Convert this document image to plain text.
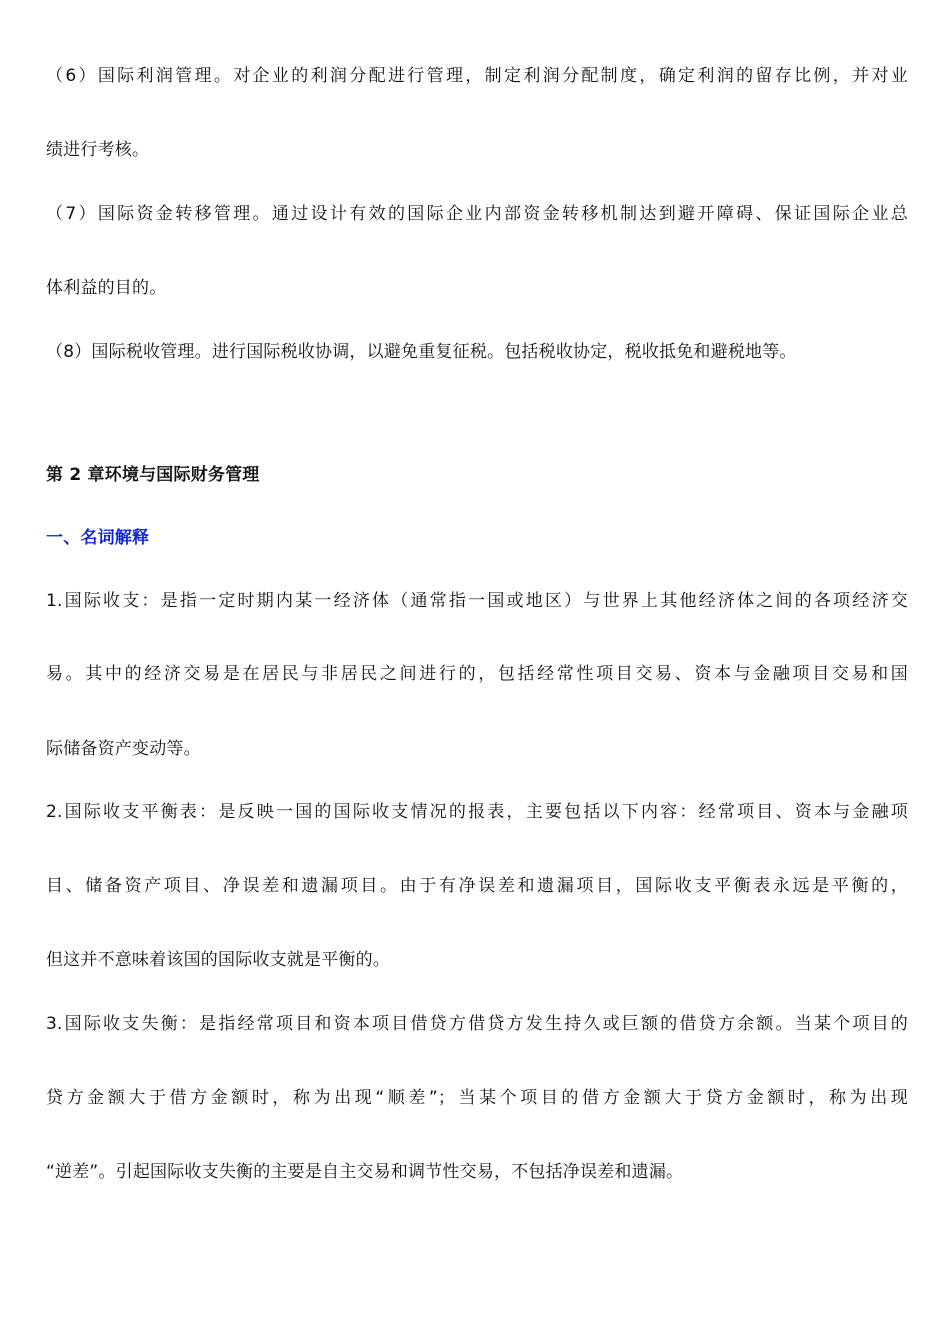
（6）国际利润管理。对企业的利润分配进行管理，制定利润分配制度，确定利润的留存比例，并对业
绩进行考核。
（7）国际资金转移管理。通过设计有效的国际企业内部资金转移机制达到避开障碍、保证国际企业总
体利益的目的。
（8）国际税收管理。进行国际税收协调，以避免重复征税。包括税收协定，税收抵免和避税地等。
第 2 章环境与国际财务管理
一、名词解释
1.国际收支：是指一定时期内某一经济体（通常指一国或地区）与世界上其他经济体之间的各项经济交
易。其中的经济交易是在居民与非居民之间进行的，包括经常性项目交易、资本与金融项目交易和国
际储备资产变动等。
2.国际收支平衡表：是反映一国的国际收支情况的报表，主要包括以下内容：经常项目、资本与金融项
目、储备资产项目、净误差和遗漏项目。由于有净误差和遗漏项目，国际收支平衡表永远是平衡的，
但这并不意味着该国的国际收支就是平衡的。
3.国际收支失衡：是指经常项目和资本项目借贷方借贷方发生持久或巨额的借贷方余额。当某个项目的
贷方金额大于借方金额时，称为出现“顺差”；当某个项目的借方金额大于贷方金额时，称为出现
“逆差”。引起国际收支失衡的主要是自主交易和调节性交易，不包括净误差和遗漏。
